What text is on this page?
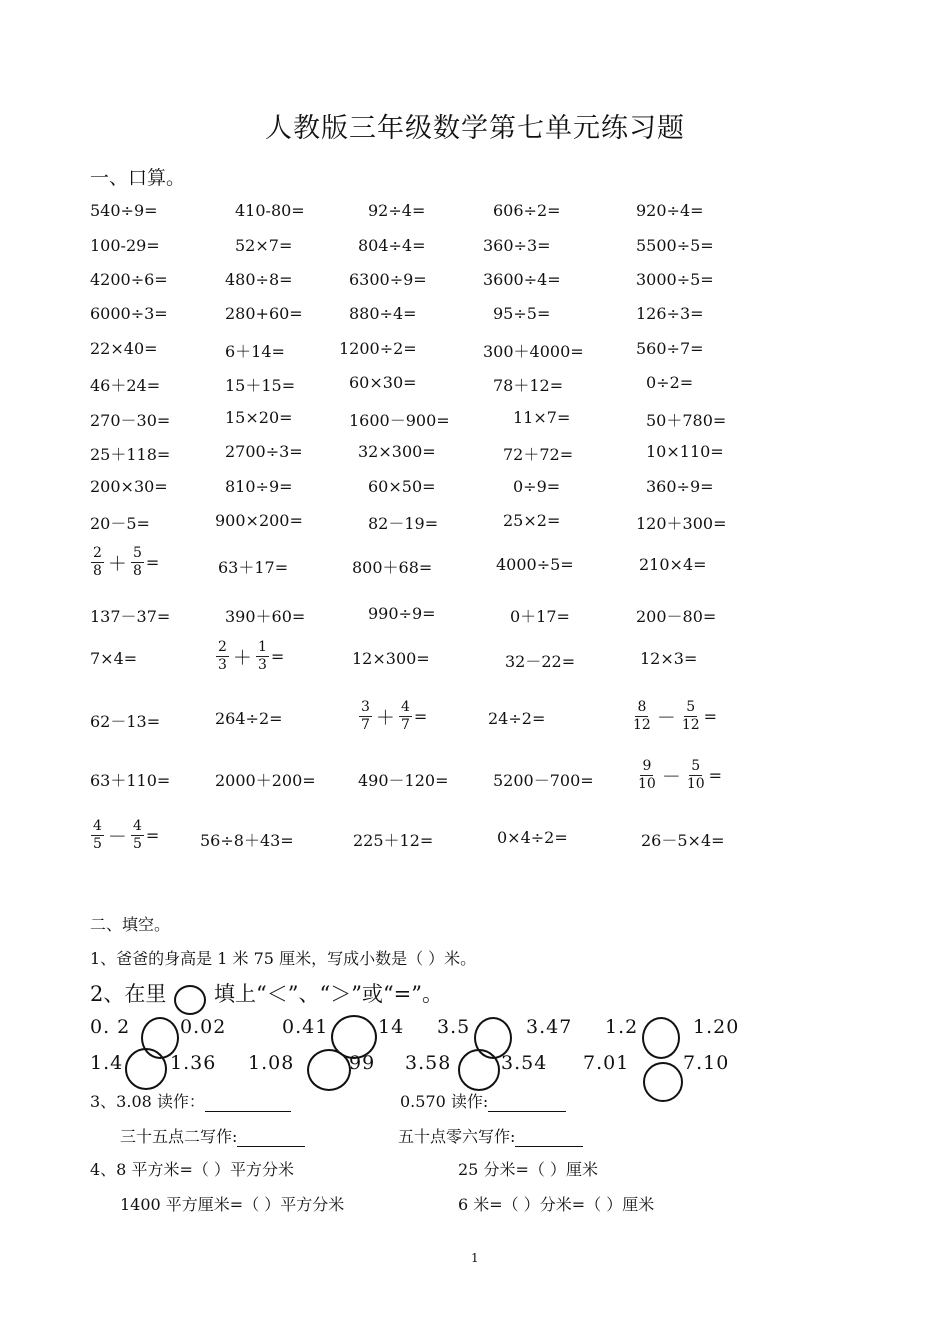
人教版三年级数学第七单元练习题
一、口算。
540÷9=	410-80=	92÷4=	606÷2=	920÷4=
100-29=	52×7=	804÷4=	360÷3=	5500÷5=
4200÷6=	480÷8=	6300÷9=	3600÷4=	3000÷5=
6000÷3=	280+60=	880÷4=	95÷5=	126÷3=
22×40=	6＋14=	1200÷2=	300＋4000=	560÷7=
46＋24=	15＋15=	60×30=	78＋12=	0÷2=
270－30=	15×20=	1600－900=	11×7=	50＋780=
25＋118=	2700÷3=	32×300=	72＋72=	10×110=
200×30=	810÷9=	60×50=	0÷9=	360÷9=
20－5=	900×200=	82－19=	25×2=	120＋300=
$\frac{2}{8} + \frac{5}{8}$ =	63＋17=	800＋68=	4000÷5=	210×4=
137－37=	390＋60=	990÷9=	0＋17=	200－80=
7×4=	$\frac{2}{3} + \frac{1}{3}$ =	12×300=	32－22=	12×3=
62－13=	264÷2=	$\frac{3}{7} + \frac{4}{7}$ =	24÷2=	$\frac{8}{12} - \frac{5}{12}$ =
63＋110=	2000＋200=	490－120=	5200－700=	$\frac{9}{10} - \frac{5}{10}$ =
$\frac{4}{5} - \frac{4}{5}$ =	56÷8＋43=	225＋12=	0×4÷2=	26－5×4=
二、填空。
1、爸爸的身高是 1 米 75 厘米，写成小数是（ ）米。
2、在里 填上“＜”、“＞”或“=”。
0. 2	0.02	0.41	14 3.5	3.47 1.2	1.20
1.4 1.36 1.08	99 3.58	3.54 7.01	7.10
3、3.08 读作：	0.570 读作:
三十五点二写作:	五十点零六写作:
4、8 平方米=（ ）平方分米	25 分米=（ ）厘米
1400 平方厘米=（ ）平方分米	6 米=（ ）分米=（ ）厘米
1
